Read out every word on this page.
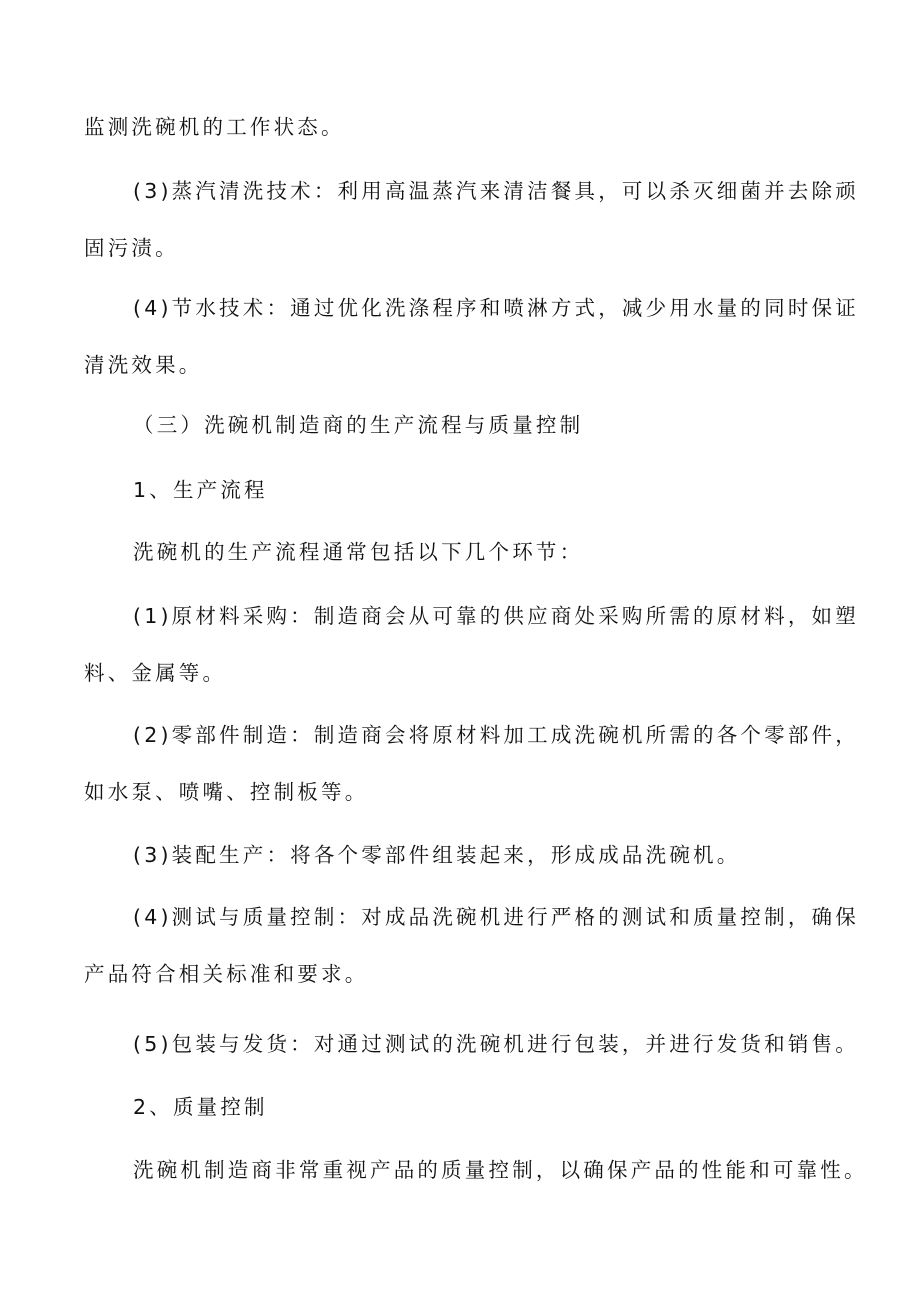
监测洗碗机的工作状态。
(3)蒸汽清洗技术：利用高温蒸汽来清洁餐具，可以杀灭细菌并去除顽
固污渍。
(4)节水技术：通过优化洗涤程序和喷淋方式，减少用水量的同时保证
清洗效果。
（三）洗碗机制造商的生产流程与质量控制
1、生产流程
洗碗机的生产流程通常包括以下几个环节：
(1)原材料采购：制造商会从可靠的供应商处采购所需的原材料，如塑
料、金属等。
(2)零部件制造：制造商会将原材料加工成洗碗机所需的各个零部件，
如水泵、喷嘴、控制板等。
(3)装配生产：将各个零部件组装起来，形成成品洗碗机。
(4)测试与质量控制：对成品洗碗机进行严格的测试和质量控制，确保
产品符合相关标准和要求。
(5)包装与发货：对通过测试的洗碗机进行包装，并进行发货和销售。
2、质量控制
洗碗机制造商非常重视产品的质量控制，以确保产品的性能和可靠性。
